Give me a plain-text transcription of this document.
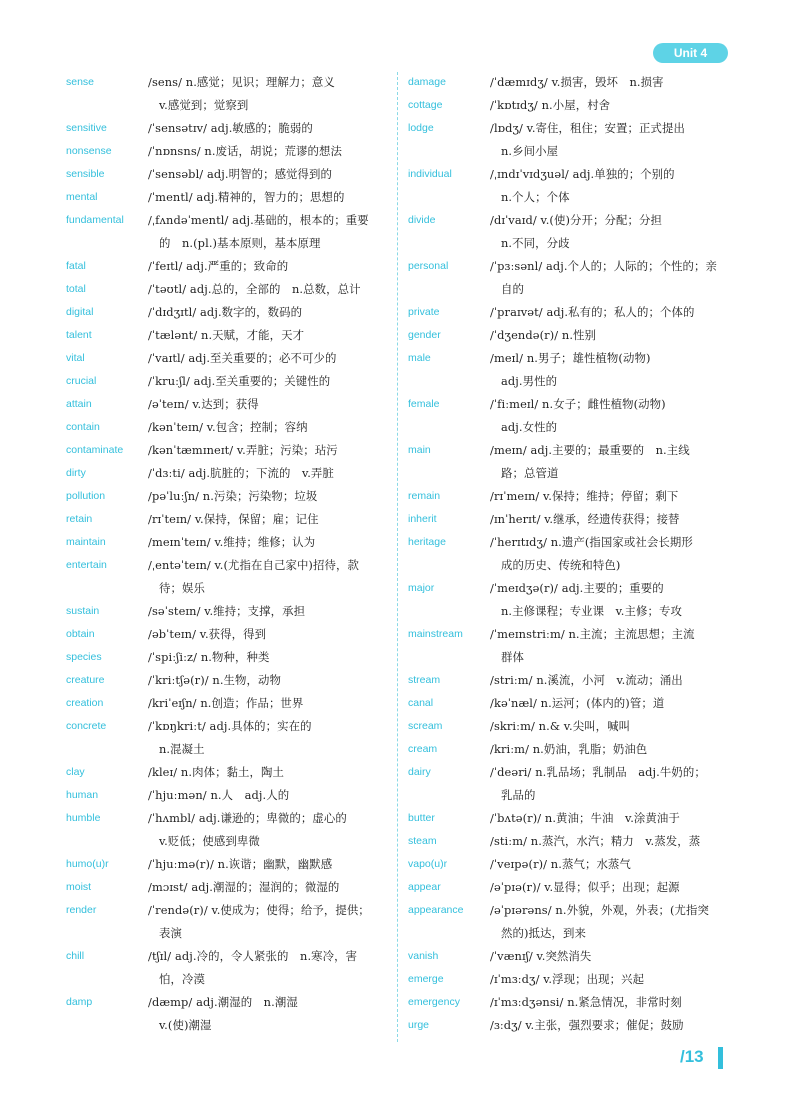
Unit 4
sense	/sens/ n.感觉；见识；理解力；意义
v.感觉到；觉察到
sensitive	/ˈsensətɪv/ adj.敏感的；脆弱的
nonsense	/ˈnɒnsns/ n.废话，胡说；荒谬的想法
sensible	/ˈsensəbl/ adj.明智的；感觉得到的
mental	/ˈmentl/ adj.精神的，智力的；思想的
fundamental	/ˌfʌndəˈmentl/ adj.基础的，根本的；重要
的　n.(pl.)基本原则，基本原理
fatal	/ˈfeɪtl/ adj.严重的；致命的
total	/ˈtəʊtl/ adj.总的，全部的　n.总数，总计
digital	/ˈdɪdʒɪtl/ adj.数字的，数码的
talent	/ˈtælənt/ n.天赋，才能，天才
vital	/ˈvaɪtl/ adj.至关重要的；必不可少的
crucial	/ˈkruːʃl/ adj.至关重要的；关键性的
attain	/əˈteɪn/ v.达到；获得
contain	/kənˈteɪn/ v.包含；控制；容纳
contaminate	/kənˈtæmɪneɪt/ v.弄脏；污染；玷污
dirty	/ˈdɜːti/ adj.肮脏的；下流的　v.弄脏
pollution	/pəˈluːʃn/ n.污染；污染物；垃圾
retain	/rɪˈteɪn/ v.保持，保留；雇；记住
maintain	/meɪnˈteɪn/ v.维持；维修；认为
entertain	/ˌentəˈteɪn/ v.(尤指在自己家中)招待，款
待；娱乐
sustain	/səˈsteɪn/ v.维持；支撑，承担
obtain	/əbˈteɪn/ v.获得，得到
species	/ˈspiːʃiːz/ n.物种，种类
creature	/ˈkriːtʃə(r)/ n.生物，动物
creation	/kriˈeɪʃn/ n.创造；作品；世界
concrete	/ˈkɒŋkriːt/ adj.具体的；实在的
n.混凝土
clay	/kleɪ/ n.肉体；黏土，陶土
human	/ˈhjuːmən/ n.人　adj.人的
humble	/ˈhʌmbl/ adj.谦逊的；卑微的；虚心的
v.贬低；使感到卑微
humo(u)r	/ˈhjuːmə(r)/ n.诙谐；幽默，幽默感
moist	/mɔɪst/ adj.潮湿的；湿润的；微湿的
render	/ˈrendə(r)/ v.使成为；使得；给予，提供；
表演
chill	/tʃɪl/ adj.冷的，令人紧张的　n.寒冷，害
怕，冷漠
damp	/dæmp/ adj.潮湿的　n.潮湿
v.(使)潮湿
damage	/ˈdæmɪdʒ/ v.损害，毁坏　n.损害
cottage	/ˈkɒtɪdʒ/ n.小屋，村舍
lodge	/lɒdʒ/ v.寄住，租住；安置；正式提出
n.乡间小屋
individual	/ˌɪndɪˈvɪdʒuəl/ adj.单独的；个别的
n.个人；个体
divide	/dɪˈvaɪd/ v.(使)分开；分配；分担
n.不同，分歧
personal	/ˈpɜːsənl/ adj.个人的；人际的；个性的；亲
自的
private	/ˈpraɪvət/ adj.私有的；私人的；个体的
gender	/ˈdʒendə(r)/ n.性别
male	/meɪl/ n.男子；雄性植物(动物)
adj.男性的
female	/ˈfiːmeɪl/ n.女子；雌性植物(动物)
adj.女性的
main	/meɪn/ adj.主要的；最重要的　n.主线
路；总管道
remain	/rɪˈmeɪn/ v.保持；维持；停留；剩下
inherit	/ɪnˈherɪt/ v.继承，经遗传获得；接替
heritage	/ˈherɪtɪdʒ/ n.遗产(指国家或社会长期形
成的历史、传统和特色)
major	/ˈmeɪdʒə(r)/ adj.主要的；重要的
n.主修课程；专业课　v.主修；专攻
mainstream	/ˈmeɪnstriːm/ n.主流；主流思想；主流
群体
stream	/striːm/ n.溪流，小河　v.流动；涌出
canal	/kəˈnæl/ n.运河；(体内的)管；道
scream	/skriːm/ n.& v.尖叫，喊叫
cream	/kriːm/ n.奶油，乳脂；奶油色
dairy	/ˈdeəri/ n.乳品场；乳制品　adj.牛奶的；
乳品的
butter	/ˈbʌtə(r)/ n.黄油；牛油　v.涂黄油于
steam	/stiːm/ n.蒸汽，水汽；精力　v.蒸发，蒸
vapo(u)r	/ˈveɪpə(r)/ n.蒸气；水蒸气
appear	/əˈpɪə(r)/ v.显得；似乎；出现；起源
appearance	/əˈpɪərəns/ n.外貌，外观，外表；(尤指突
然的)抵达，到来
vanish	/ˈvænɪʃ/ v.突然消失
emerge	/ɪˈmɜːdʒ/ v.浮现；出现；兴起
emergency	/ɪˈmɜːdʒənsi/ n.紧急情况，非常时刻
urge	/ɜːdʒ/ v.主张，强烈要求；催促；鼓励
/13
